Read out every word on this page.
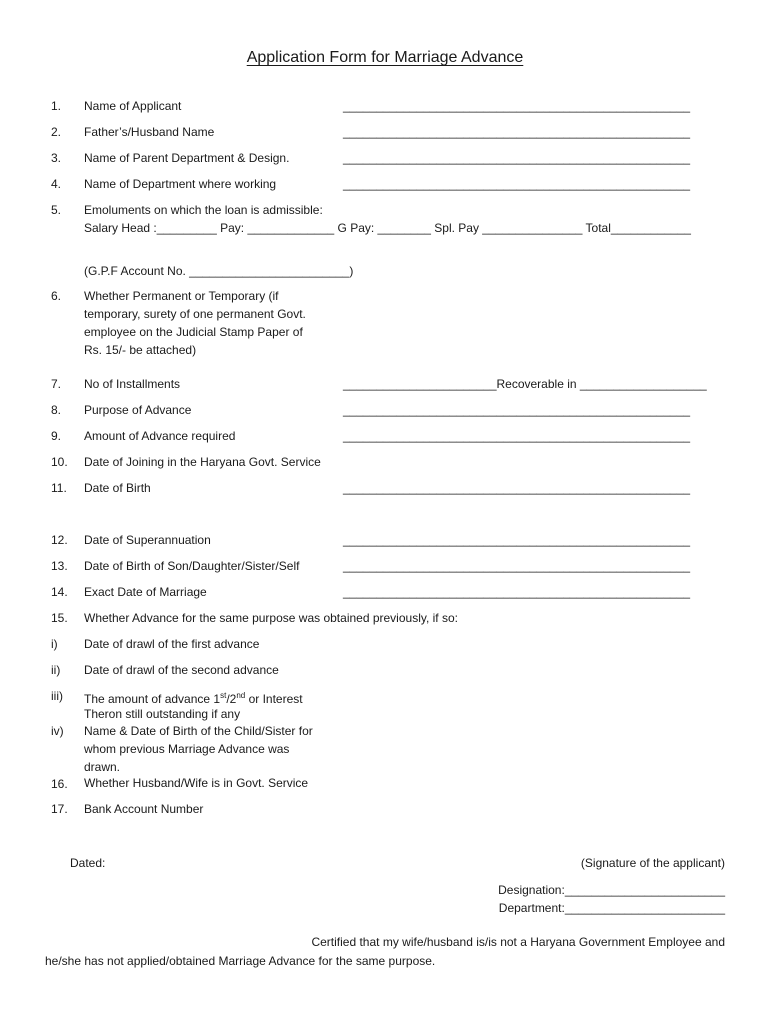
Application Form for Marriage Advance
1. Name of Applicant	____________________________________________________
2. Father’s/Husband Name	____________________________________________________
3. Name of Parent Department & Design.	____________________________________________________
4. Name of Department where working	____________________________________________________
5. Emoluments on which the loan is admissible:
Salary Head :_________ Pay: _____________ G Pay: ________ Spl. Pay _______________ Total____________
(G.P.F Account No. ________________________)
6. Whether Permanent or Temporary (if
temporary, surety of one permanent Govt.
employee on the Judicial Stamp Paper of
Rs. 15/- be attached)
7. No of Installments	_______________________Recoverable in ___________________
8. Purpose of Advance	____________________________________________________
9. Amount of Advance required	____________________________________________________
10. Date of Joining in the Haryana Govt. Service
11. Date of Birth	____________________________________________________
12. Date of Superannuation	____________________________________________________
13. Date of Birth of Son/Daughter/Sister/Self	____________________________________________________
14. Exact Date of Marriage	____________________________________________________
15. Whether Advance for the same purpose was obtained previously, if so:
i) Date of drawl of the first advance
ii) Date of drawl of the second advance
iii) The amount of advance 1st/2nd or Interest
Theron still outstanding if any
iv) Name & Date of Birth of the Child/Sister for
whom previous Marriage Advance was
drawn.
16. Whether Husband/Wife is in Govt. Service
17. Bank Account Number
Dated:	(Signature of the applicant)
Designation:________________________
Department:________________________
Certified that my wife/husband is/is not a Haryana Government Employee and
he/she has not applied/obtained Marriage Advance for the same purpose.
